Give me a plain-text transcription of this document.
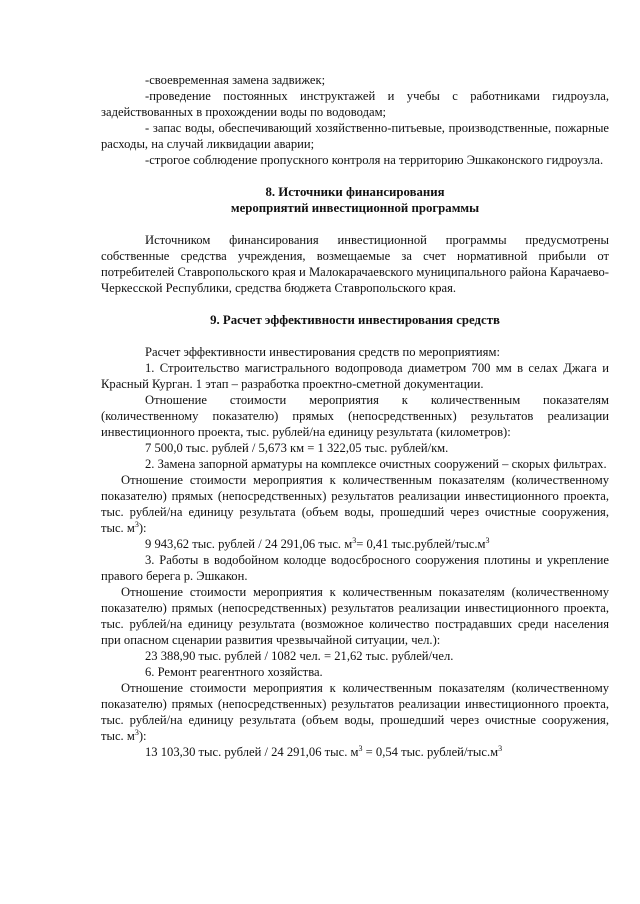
-своевременная замена задвижек;

-проведение постоянных инструктажей и учебы с работниками гидроузла, задействованных в прохождении воды по водоводам;

- запас воды, обеспечивающий хозяйственно-питьевые, производственные, пожарные расходы, на случай ликвидации аварии;

-строгое соблюдение пропускного контроля на территорию Эшкаконского гидроузла.

8. Источники финансирования
мероприятий инвестиционной программы

Источником финансирования инвестиционной программы предусмотрены собственные средства учреждения, возмещаемые за счет нормативной прибыли от потребителей Ставропольского края и Малокарачаевского муниципального района Карачаево-Черкесской Республики, средства бюджета Ставропольского края.

9. Расчет эффективности инвестирования средств

Расчет эффективности инвестирования средств по мероприятиям:

1. Строительство магистрального водопровода диаметром 700 мм в селах Джага и Красный Курган. 1 этап – разработка проектно-сметной документации.

Отношение стоимости мероприятия к количественным показателям (количественному показателю) прямых (непосредственных) результатов реализации инвестиционного проекта, тыс. рублей/на единицу результата (километров):

7 500,0 тыс. рублей / 5,673 км = 1 322,05 тыс. рублей/км.

2. Замена запорной арматуры на комплексе очистных сооружений – скорых фильтрах.

Отношение стоимости мероприятия к количественным показателям (количественному показателю) прямых (непосредственных) результатов реализации инвестиционного проекта, тыс. рублей/на единицу результата (объем воды, прошедший через очистные сооружения, тыс. $м^3$):

9 943,62 тыс. рублей / 24 291,06 тыс. $м^3= 0,41$ $тыс.рублей/тыс.м^3$

3. Работы в водобойном колодце водосбросного сооружения плотины и укрепление правого берега р. Эшкакон.

Отношение стоимости мероприятия к количественным показателям (количественному показателю) прямых (непосредственных) результатов реализации инвестиционного проекта, тыс. рублей/на единицу результата (возможное количество пострадавших среди населения при опасном сценарии развития чрезвычайной ситуации, чел.):

23 388,90 тыс. рублей / 1082 чел. = 21,62 тыс. рублей/чел.

6. Ремонт реагентного хозяйства.

Отношение стоимости мероприятия к количественным показателям (количественному показателю) прямых (непосредственных) результатов реализации инвестиционного проекта, тыс. рублей/на единицу результата (объем воды, прошедший через очистные сооружения, тыс. $м^3$):

13 103,30 тыс. рублей / 24 291,06 тыс. $м^3 = 0,54$ тыс. рублей/$тыс.м^3$
